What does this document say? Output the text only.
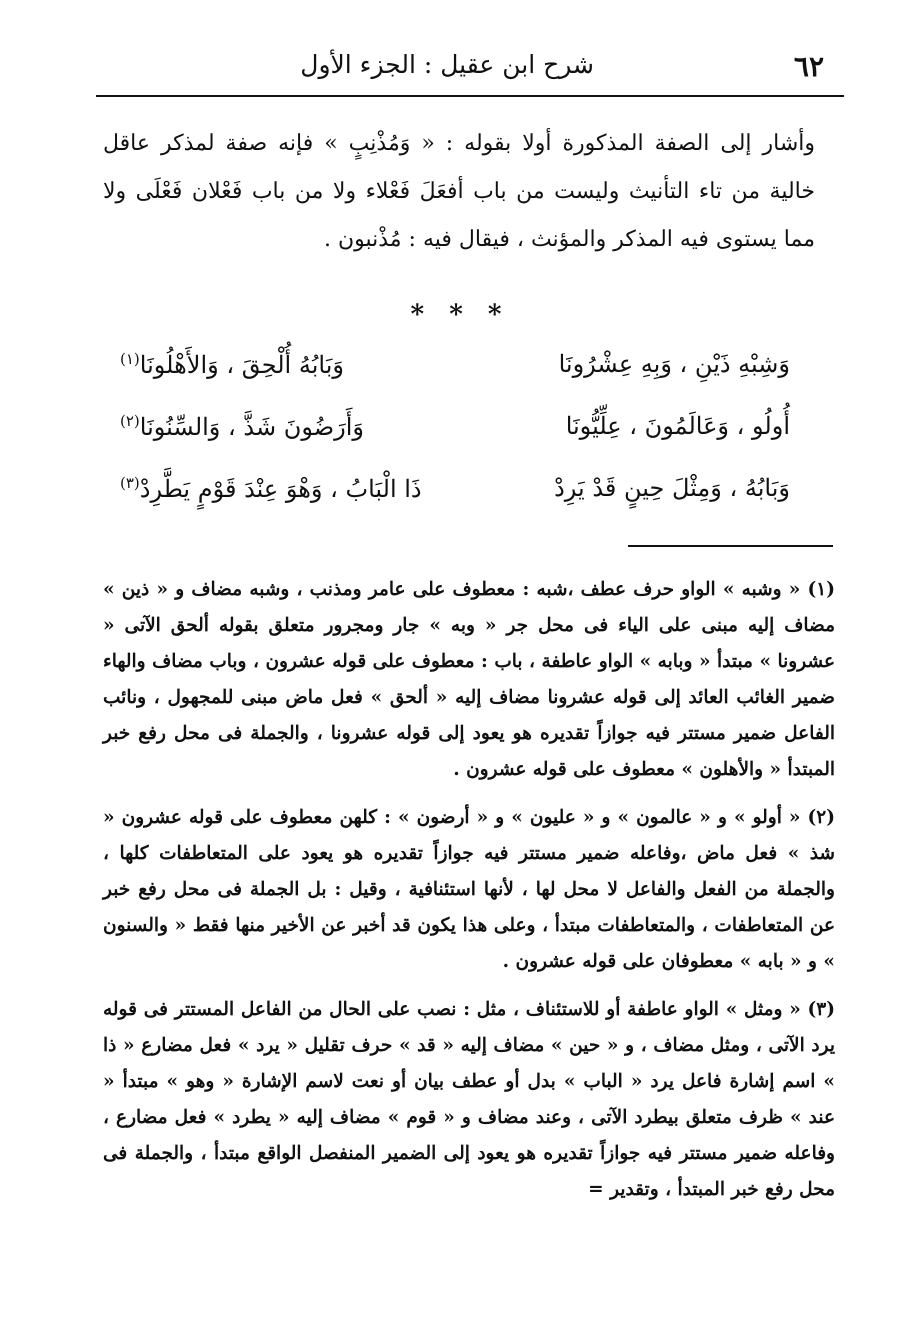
٦٢
شرح ابن عقيل : الجزء الأول
وأشار إلى الصفة المذكورة أولا بقوله : « وَمُذْنِبٍ » فإنه صفة لمذكر عاقل خالية من تاء التأنيث وليست من باب أفعَلَ فَعْلاء ولا من باب فَعْلان فَعْلَى ولا مما يستوى فيه المذكر والمؤنث ، فيقال فيه : مُذْنبون .
* * *
وَشِبْهِ ذَيْنِ ، وَبِهِ عِشْرُونَا
وَبَابُهُ أُلْحِقَ ، وَالأَهْلُونَا$^{(١)}$
أُولُو ، وَعَالَمُونَ ، عِلِّيُّونَا
وَأَرَضُونَ شَذَّ ، وَالسِّنُونَا$^{(٢)}$
وَبَابُهُ ، وَمِثْلَ حِينٍ قَدْ يَرِدْ
ذَا الْبَابُ ، وَهْوَ عِنْدَ قَوْمٍ يَطَّرِدْ$^{(٣)}$

(١) « وشبه » الواو حرف عطف ،شبه : معطوف على عامر ومذنب ، وشبه مضاف و « ذين » مضاف إليه مبنى على الياء فى محل جر « وبه » جار ومجرور متعلق بقوله ألحق الآتى « عشرونا » مبتدأ « وبابه » الواو عاطفة ، باب : معطوف على قوله عشرون ، وباب مضاف والهاء ضمير الغائب العائد إلى قوله عشرونا مضاف إليه « ألحق » فعل ماض مبنى للمجهول ، ونائب الفاعل ضمير مستتر فيه جوازاً تقديره هو يعود إلى قوله عشرونا ، والجملة فى محل رفع خبر المبتدأ « والأهلون » معطوف على قوله عشرون .

(٢) « أولو » و « عالمون » و « عليون » و « أرضون » : كلهن معطوف على قوله عشرون « شذ » فعل ماض ،وفاعله ضمير مستتر فيه جوازاً تقديره هو يعود على المتعاطفات كلها ، والجملة من الفعل والفاعل لا محل لها ، لأنها استئنافية ، وقيل : بل الجملة فى محل رفع خبر عن المتعاطفات ، والمتعاطفات مبتدأ ، وعلى هذا يكون قد أخبر عن الأخير منها فقط « والسنون » و « بابه » معطوفان على قوله عشرون .

(٣) « ومثل » الواو عاطفة أو للاستئناف ، مثل : نصب على الحال من الفاعل المستتر فى قوله يرد الآتى ، ومثل مضاف ، و « حين » مضاف إليه « قد » حرف تقليل « يرد » فعل مضارع « ذا » اسم إشارة فاعل يرد « الباب » بدل أو عطف بيان أو نعت لاسم الإشارة « وهو » مبتدأ « عند » ظرف متعلق بيطرد الآتى ، وعند مضاف و « قوم » مضاف إليه « يطرد » فعل مضارع ، وفاعله ضمير مستتر فيه جوازاً تقديره هو يعود إلى الضمير المنفصل الواقع مبتدأ ، والجملة فى محل رفع خبر المبتدأ ، وتقدير =
